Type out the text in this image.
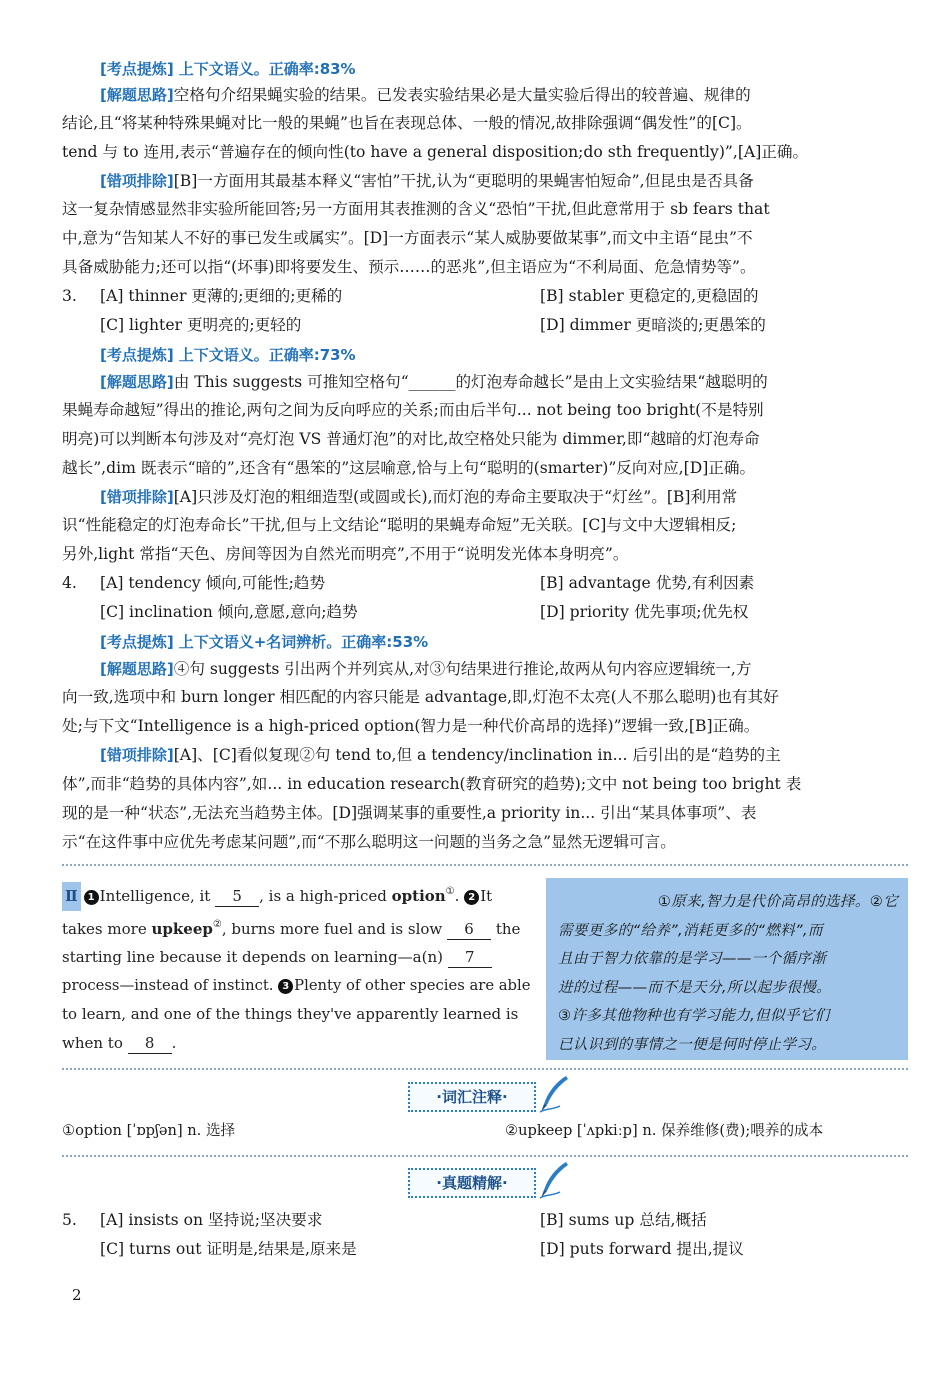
[考点提炼] 上下文语义。正确率:83%
[解题思路]空格句介绍果蝇实验的结果。已发表实验结果必是大量实验后得出的较普遍、规律的
结论,且“将某种特殊果蝇对比一般的果蝇”也旨在表现总体、一般的情况,故排除强调“偶发性”的[C]。
tend 与 to 连用,表示“普遍存在的倾向性(to have a general disposition;do sth frequently)”,[A]正确。
[错项排除][B]一方面用其最基本释义“害怕”干扰,认为“更聪明的果蝇害怕短命”,但昆虫是否具备
这一复杂情感显然非实验所能回答;另一方面用其表推测的含义“恐怕”干扰,但此意常用于 sb fears that
中,意为“告知某人不好的事已发生或属实”。[D]一方面表示“某人威胁要做某事”,而文中主语“昆虫”不
具备威胁能力;还可以指“(坏事)即将要发生、预示……的恶兆”,但主语应为“不利局面、危急情势等”。
3. [A] thinner 更薄的;更细的;更稀的	[B] stabler 更稳定的,更稳固的
[C] lighter 更明亮的;更轻的	[D] dimmer 更暗淡的;更愚笨的
[考点提炼] 上下文语义。正确率:73%
[解题思路]由 This suggests 可推知空格句“______的灯泡寿命越长”是由上文实验结果“越聪明的
果蝇寿命越短”得出的推论,两句之间为反向呼应的关系;而由后半句... not being too bright(不是特别
明亮)可以判断本句涉及对“亮灯泡 VS 普通灯泡”的对比,故空格处只能为 dimmer,即“越暗的灯泡寿命
越长”,dim 既表示“暗的”,还含有“愚笨的”这层喻意,恰与上句“聪明的(smarter)”反向对应,[D]正确。
[错项排除][A]只涉及灯泡的粗细造型(或圆或长),而灯泡的寿命主要取决于“灯丝”。[B]利用常
识“性能稳定的灯泡寿命长”干扰,但与上文结论“聪明的果蝇寿命短”无关联。[C]与文中大逻辑相反;
另外,light 常指“天色、房间等因为自然光而明亮”,不用于“说明发光体本身明亮”。
4. [A] tendency 倾向,可能性;趋势	[B] advantage 优势,有利因素
[C] inclination 倾向,意愿,意向;趋势	[D] priority 优先事项;优先权
[考点提炼] 上下文语义+名词辨析。正确率:53%
[解题思路]④句 suggests 引出两个并列宾从,对③句结果进行推论,故两从句内容应逻辑统一,方
向一致,选项中和 burn longer 相匹配的内容只能是 advantage,即,灯泡不太亮(人不那么聪明)也有其好
处;与下文“Intelligence is a high-priced option(智力是一种代价高昂的选择)”逻辑一致,[B]正确。
[错项排除][A]、[C]看似复现②句 tend to,但 a tendency/inclination in... 后引出的是“趋势的主
体”,而非“趋势的具体内容”,如... in education research(教育研究的趋势);文中 not being too bright 表
现的是一种“状态”,无法充当趋势主体。[D]强调某事的重要性,a priority in... 引出“某具体事项”、表
示“在这件事中应优先考虑某问题”,而“不那么聪明这一问题的当务之急”显然无逻辑可言。
Ⅱ 1 Intelligence, it 5 , is a high-priced option①. 2 It
takes more upkeep②, burns more fuel and is slow 6 the
starting line because it depends on learning—a(n) 7
process—instead of instinct. 3 Plenty of other species are able
to learn, and one of the things they've apparently learned is
when to 8 .
①原来,智力是代价高昂的选择。②它
需要更多的“给养”,消耗更多的“燃料”,而
且由于智力依靠的是学习——一个循序渐
进的过程——而不是天分,所以起步很慢。
③许多其他物种也有学习能力,但似乎它们
已认识到的事情之一便是何时停止学习。
·词汇注释·
①option [ˈɒpʃən] n. 选择	②upkeep [ˈʌpkiːp] n. 保养维修(费);喂养的成本
·真题精解·
5. [A] insists on 坚持说;坚决要求	[B] sums up 总结,概括
[C] turns out 证明是,结果是,原来是	[D] puts forward 提出,提议
2
